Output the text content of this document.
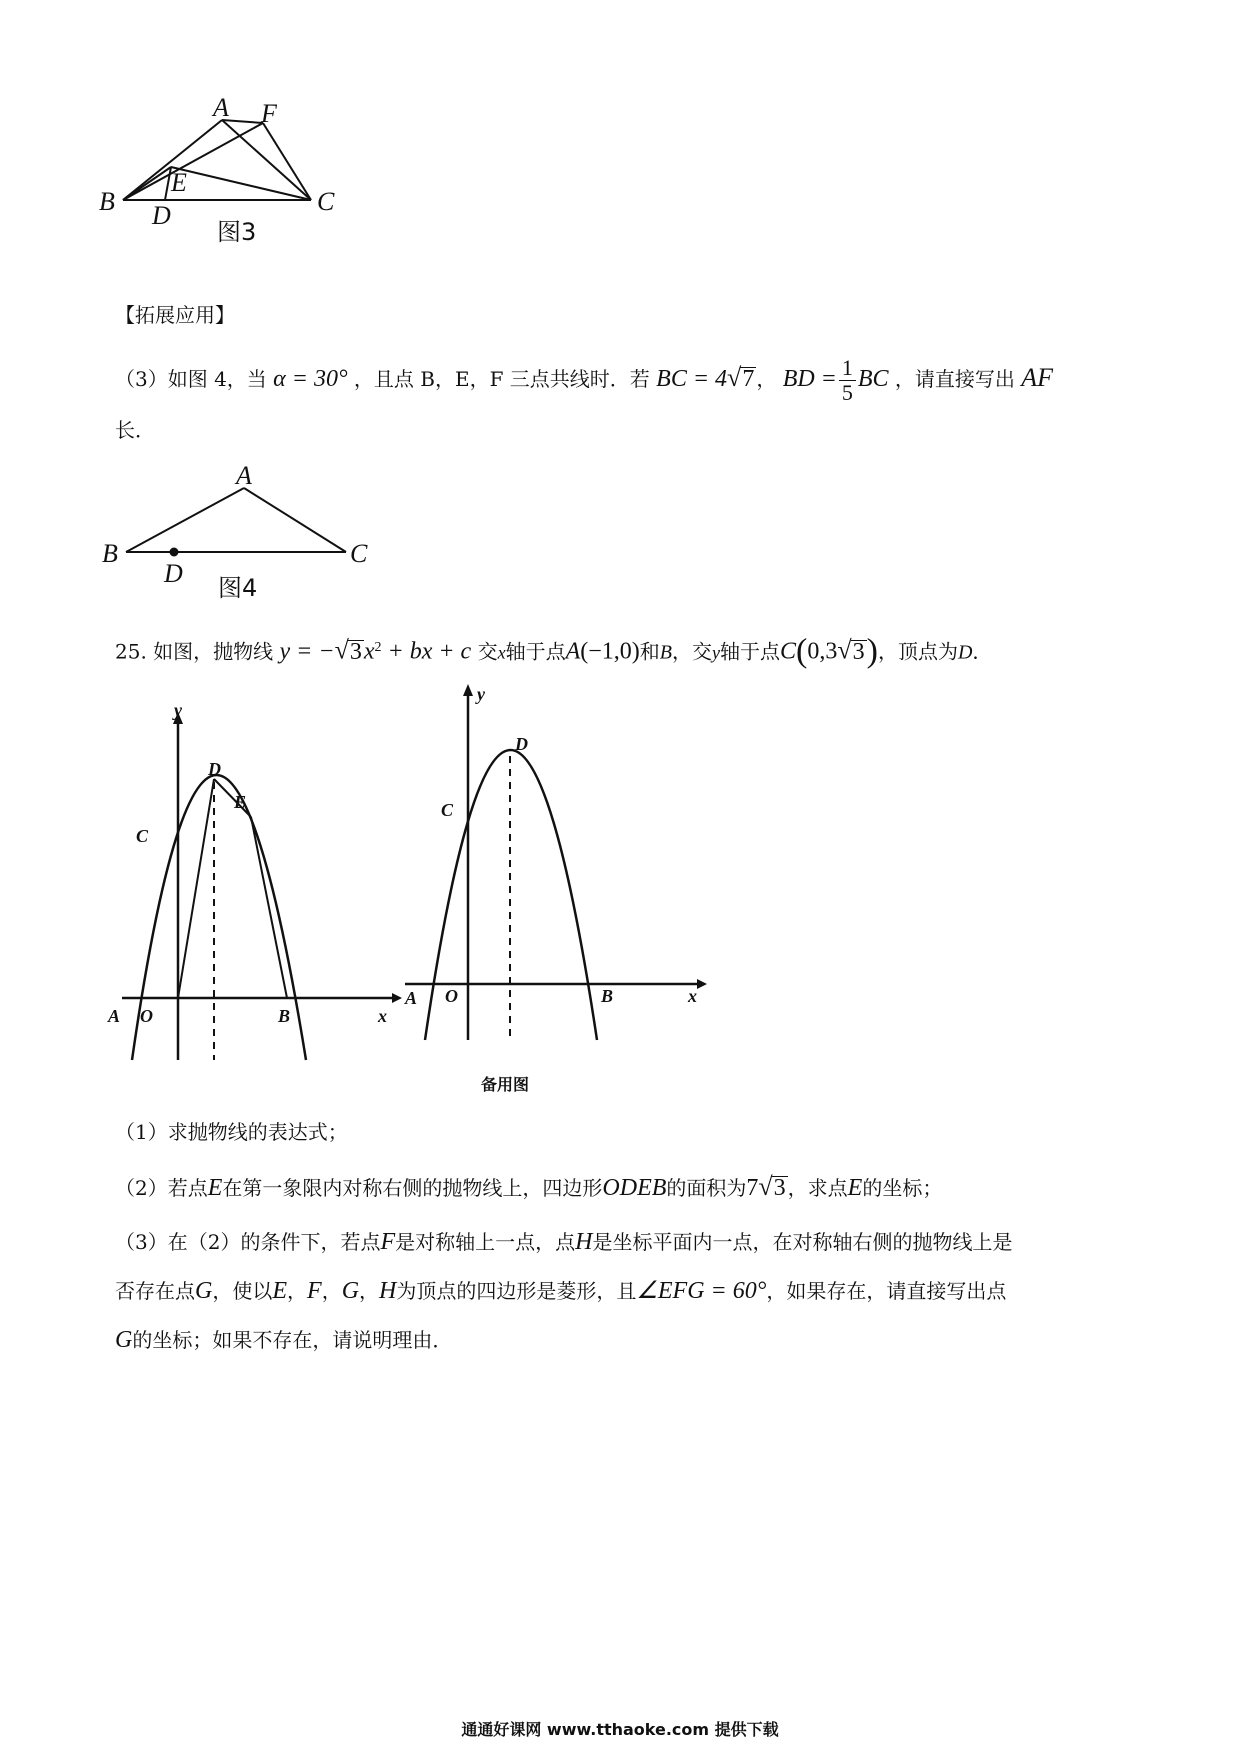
A F
B	C
E
D
图3
【拓展应用】
（3）如图 4，当 α = 30° ，且点 B，E，F 三点共线时．若 BC = 4√7 ， BD = $\frac{1}{5}$ BC ，请直接写出 AF
长．
A
B	C
D 图4
25. 如图，抛物线 $y = -√3x^2$ + bx + c 交x轴于点A(−1,0)和B，交y轴于点C(0,3√3)，顶点为D．
y
D
C
E
A O	B	x
y
D
C
A O	B	x
备用图
（1）求抛物线的表达式；
（2）若点E在第一象限内对称右侧的抛物线上，四边形ODEB的面积为7√3 ，求点E的坐标；
（3）在（2）的条件下，若点F是对称轴上一点，点H是坐标平面内一点，在对称轴右侧的抛物线上是
否存在点G，使以E，F，G，H为顶点的四边形是菱形，且∠EFG = 60°，如果存在，请直接写出点
G的坐标；如果不存在，请说明理由．
通通好课网 www.tthaoke.com 提供下载
